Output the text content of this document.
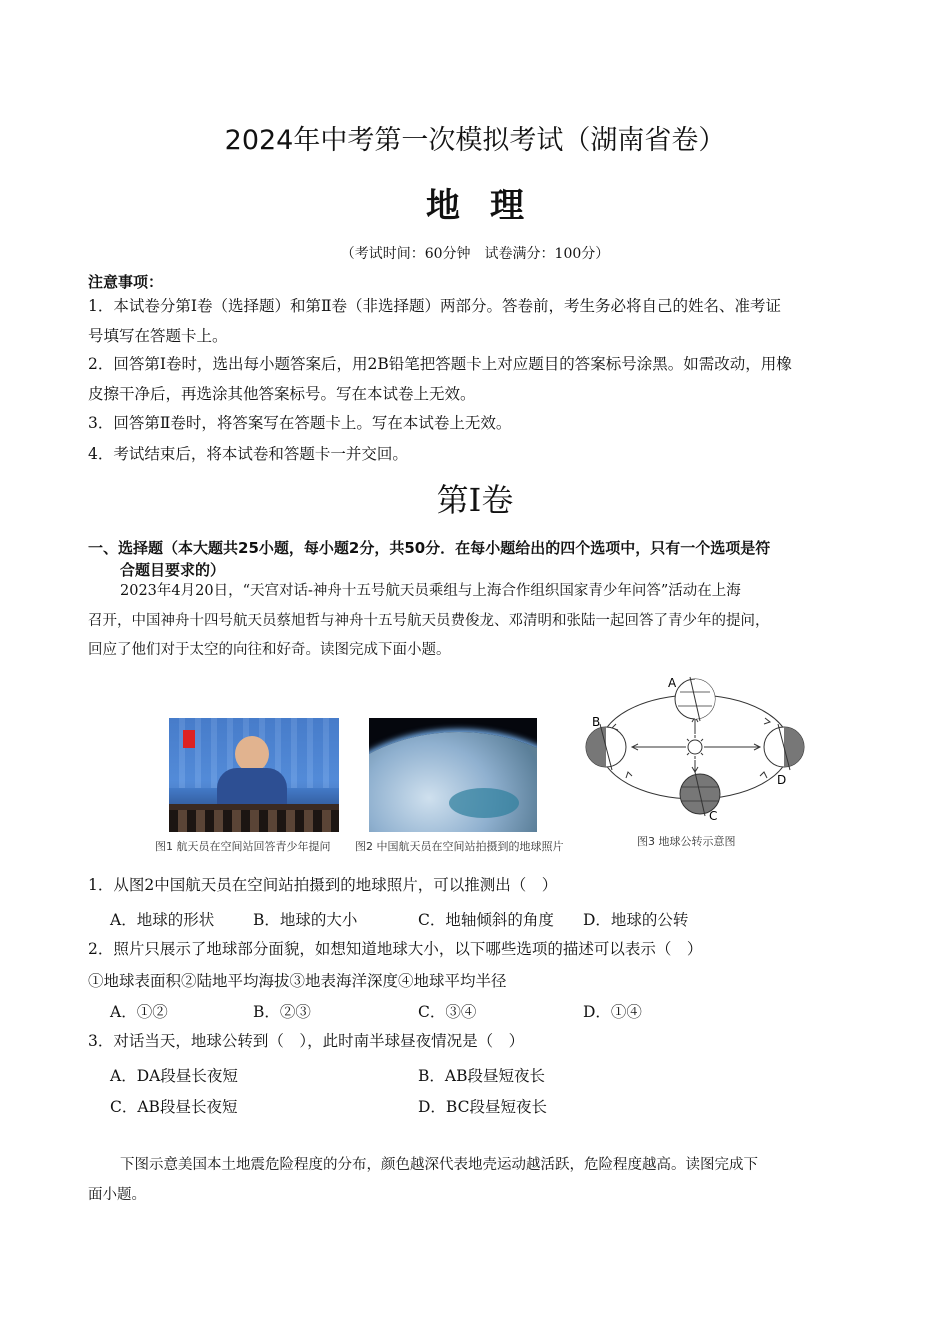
2024年中考第一次模拟考试（湖南省卷）
地理
（考试时间：60分钟　试卷满分：100分）
注意事项：
1．本试卷分第Ⅰ卷（选择题）和第Ⅱ卷（非选择题）两部分。答卷前，考生务必将自己的姓名、准考证
号填写在答题卡上。
2．回答第Ⅰ卷时，选出每小题答案后，用2B铅笔把答题卡上对应题目的答案标号涂黑。如需改动，用橡
皮擦干净后，再选涂其他答案标号。写在本试卷上无效。
3．回答第Ⅱ卷时，将答案写在答题卡上。写在本试卷上无效。
4．考试结束后，将本试卷和答题卡一并交回。
第Ⅰ卷
一、选择题（本大题共25小题，每小题2分，共50分．在每小题给出的四个选项中，只有一个选项是符
合题目要求的）
2023年4月20日，“天宫对话-神舟十五号航天员乘组与上海合作组织国家青少年问答”活动在上海
召开，中国神舟十四号航天员蔡旭哲与神舟十五号航天员费俊龙、邓清明和张陆一起回答了青少年的提问，
回应了他们对于太空的向往和好奇。读图完成下面小题。
图1 航天员在空间站回答青少年提问 图2 中国航天员在空间站拍摄到的地球照片
A
B
C
D
图3 地球公转示意图
1．从图2中国航天员在空间站拍摄到的地球照片，可以推测出（　）
A．地球的形状	B．地球的大小	C．地轴倾斜的角度 D．地球的公转
2．照片只展示了地球部分面貌，如想知道地球大小，以下哪些选项的描述可以表示（　）
①地球表面积②陆地平均海拔③地表海洋深度④地球平均半径
A．①②	B．②③	C．③④	D．①④
3．对话当天，地球公转到（　），此时南半球昼夜情况是（　）
A．DA段昼长夜短	B．AB段昼短夜长
C．AB段昼长夜短	D．BC段昼短夜长
下图示意美国本土地震危险程度的分布，颜色越深代表地壳运动越活跃，危险程度越高。读图完成下
面小题。
